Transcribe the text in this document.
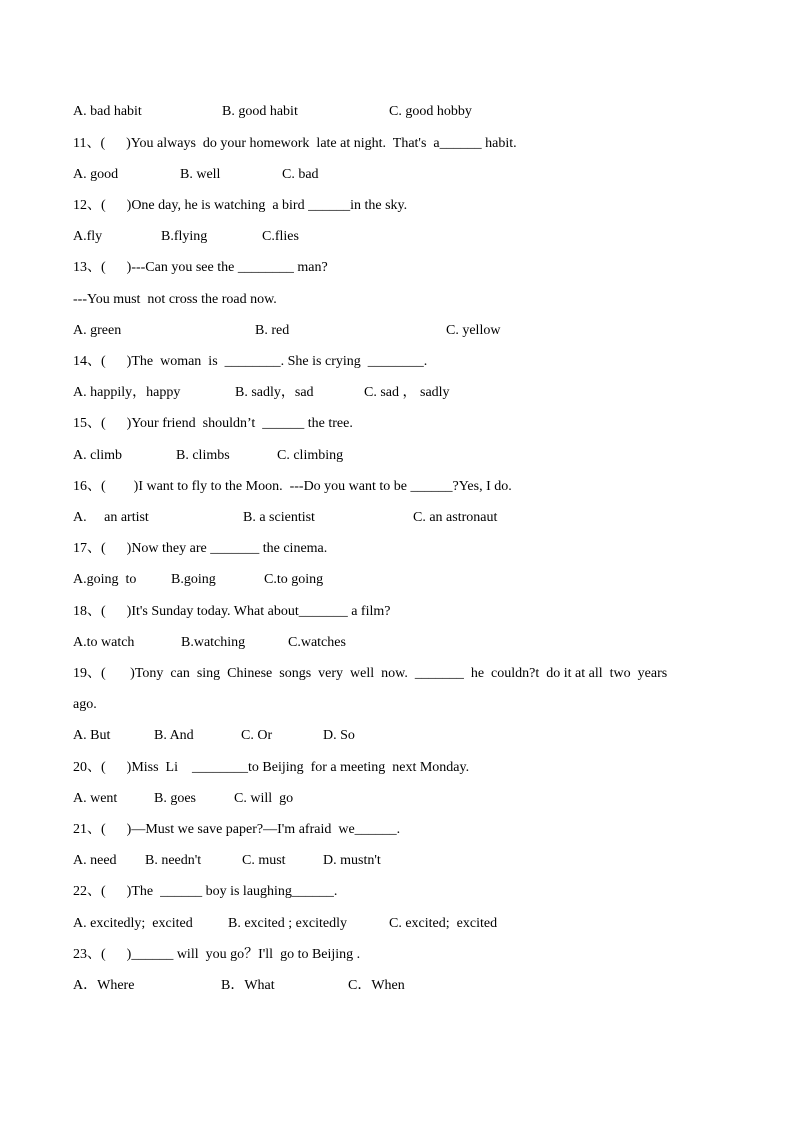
A. bad habit

	B. good habit

	C. good hobby

11、(      )You always  do your homework  late at night.  That's  a______ habit.

A. good

	B. well

	C. bad

12、(      )One day, he is watching  a bird ______in the sky.

A.fly

	B.flying

	C.flies

13、(      )---Can you see the ________ man?
---You must  not cross the road now.

A. green

	B. red

	C. yellow

14、(      )The  woman  is  ________. She is crying  ________.

A. happily，happy

	B. sadly，sad

	C. sad ， sadly

15、(      )Your friend  shouldn’t  ______ the tree.

A. climb

	B. climbs

	C. climbing

16、(        )I want to fly to the Moon.  ---Do you want to be ______?Yes, I do.

A.     an artist

	B. a scientist

	C. an astronaut

17、(      )Now they are _______ the cinema.

A.going  to

B.going

	C.to going

18、(      )It's Sunday today. What about_______ a film?

A.to watch

	B.watching

	C.watches

19、(       )Tony  can  sing  Chinese  songs  very  well  now.  _______  he  couldn?t  do it at all  two  years
ago.

A. But

	B. And

	C. Or

	D. So

20、(      )Miss  Li    ________to Beijing  for a meeting  next Monday.

A. went

	B. goes

	C. will  go

21、(      )—Must we save paper?—I'm afraid  we______.

A. need

B. needn't

	C. must

	D. mustn't

22、(      )The  ______ boy is laughing______.

A. excitedly;  excited

	B. excited ; excitedly

	C. excited;  excited

23、(      )______ will  you go？I'll  go to Beijing .

A．Where

	B．What

	C．When
